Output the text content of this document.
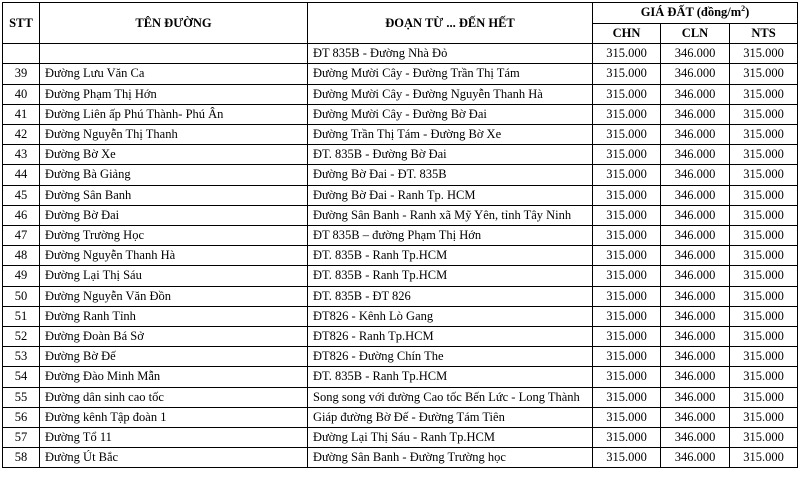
STT	TÊN ĐƯỜNG	ĐOẠN TỪ ... ĐẾN HẾT	GIÁ ĐẤT $(đồng/m^2)$		
			CHN	CLN	NTS
		ĐT 835B - Đường Nhà Đỏ	315.000	346.000	315.000
39	Đường Lưu Văn Ca	Đường Mười Cây - Đường Trần Thị Tám	315.000	346.000	315.000
40	Đường Phạm Thị Hớn	Đường Mười Cây - Đường Nguyễn Thanh Hà	315.000	346.000	315.000
41	Đường Liên ấp Phú Thành- Phú Ân	Đường Mười Cây - Đường Bờ Đai	315.000	346.000	315.000
42	Đường Nguyễn Thị Thanh	Đường Trần Thị Tám - Đường Bờ Xe	315.000	346.000	315.000
43	Đường Bờ Xe	ĐT. 835B - Đường Bờ Đai	315.000	346.000	315.000
44	Đường Bà Giảng	Đường Bờ Đai - ĐT. 835B	315.000	346.000	315.000
45	Đường Sân Banh	Đường Bờ Đai - Ranh Tp. HCM	315.000	346.000	315.000
46	Đường Bờ Đai	Đường Sân Banh - Ranh xã Mỹ Yên, tỉnh Tây Ninh	315.000	346.000	315.000
47	Đường Trường Học	ĐT 835B – đường Phạm Thị Hớn	315.000	346.000	315.000
48	Đường Nguyễn Thanh Hà	ĐT. 835B - Ranh Tp.HCM	315.000	346.000	315.000
49	Đường Lại Thị Sáu	ĐT. 835B - Ranh Tp.HCM	315.000	346.000	315.000
50	Đường Nguyễn Văn Đồn	ĐT. 835B - ĐT 826	315.000	346.000	315.000
51	Đường Ranh Tỉnh	ĐT826 - Kênh Lò Gang	315.000	346.000	315.000
52	Đường Đoàn Bá Sở	ĐT826 - Ranh Tp.HCM	315.000	346.000	315.000
53	Đường Bờ Đế	ĐT826 - Đường Chín The	315.000	346.000	315.000
54	Đường Đào Minh Mẫn	ĐT. 835B - Ranh Tp.HCM	315.000	346.000	315.000
55	Đường dân sinh cao tốc	Song song với đường Cao tốc Bến Lức - Long Thành	315.000	346.000	315.000
56	Đường kênh Tập đoàn 1	Giáp đường Bờ Đế - Đường Tám Tiên	315.000	346.000	315.000
57	Đường Tổ 11	Đường Lại Thị Sáu - Ranh Tp.HCM	315.000	346.000	315.000
58	Đường Út Bắc	Đường Sân Banh - Đường Trường học	315.000	346.000	315.000
